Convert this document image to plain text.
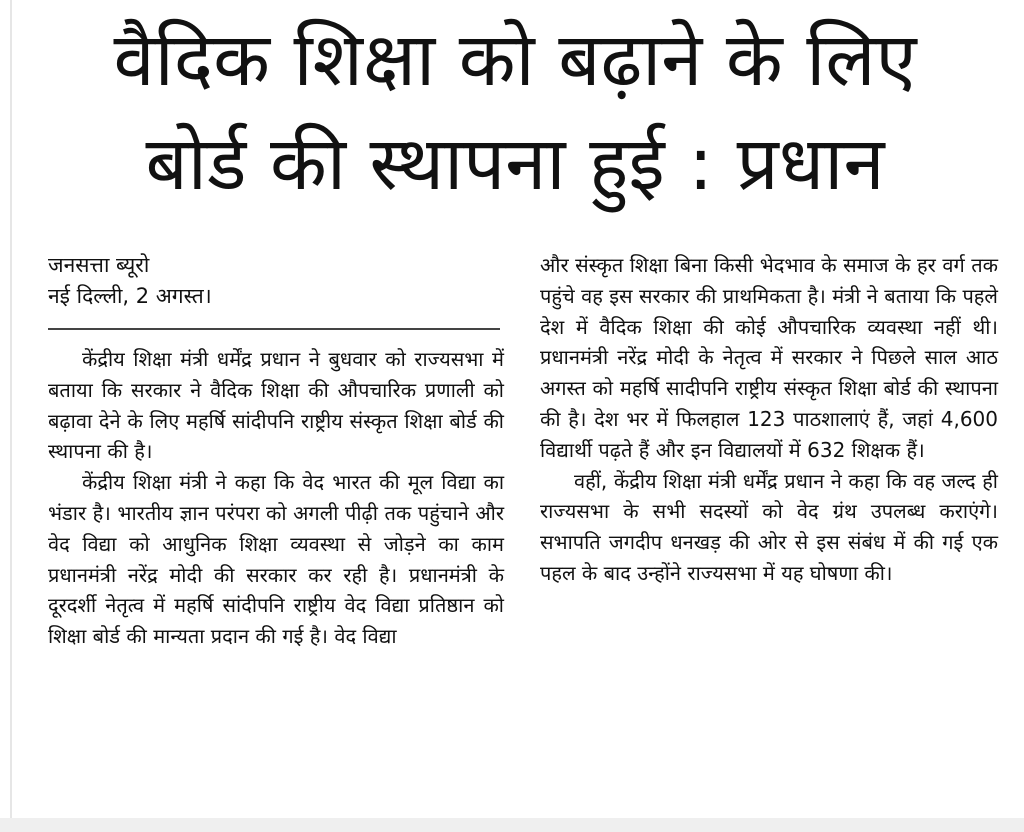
वैदिक शिक्षा को बढ़ाने के लिए
बोर्ड की स्थापना हुई : प्रधान
जनसत्ता ब्यूरो
नई दिल्ली, 2 अगस्त।

केंद्रीय शिक्षा मंत्री धर्मेंद्र प्रधान ने बुधवार को राज्यसभा में बताया कि सरकार ने वैदिक शिक्षा की औपचारिक प्रणाली को बढ़ावा देने के लिए महर्षि सांदीपनि राष्ट्रीय संस्कृत शिक्षा बोर्ड की स्थापना की है।

केंद्रीय शिक्षा मंत्री ने कहा कि वेद भारत की मूल विद्या का भंडार है। भारतीय ज्ञान परंपरा को अगली पीढ़ी तक पहुंचाने और वेद विद्या को आधुनिक शिक्षा व्यवस्था से जोड़ने का काम प्रधानमंत्री नरेंद्र मोदी की सरकार कर रही है। प्रधानमंत्री के दूरदर्शी नेतृत्व में महर्षि सांदीपनि राष्ट्रीय वेद विद्या प्रतिष्ठान को शिक्षा बोर्ड की मान्यता प्रदान की गई है। वेद विद्या

और संस्कृत शिक्षा बिना किसी भेदभाव के समाज के हर वर्ग तक पहुंचे वह इस सरकार की प्राथमिकता है। मंत्री ने बताया कि पहले देश में वैदिक शिक्षा की कोई औपचारिक व्यवस्था नहीं थी। प्रधानमंत्री नरेंद्र मोदी के नेतृत्व में सरकार ने पिछले साल आठ अगस्त को महर्षि सादीपनि राष्ट्रीय संस्कृत शिक्षा बोर्ड की स्थापना की है। देश भर में फिलहाल 123 पाठशालाएं हैं, जहां 4,600 विद्यार्थी पढ़ते हैं और इन विद्यालयों में 632 शिक्षक हैं।

वहीं, केंद्रीय शिक्षा मंत्री धर्मेंद्र प्रधान ने कहा कि वह जल्द ही राज्यसभा के सभी सदस्यों को वेद ग्रंथ उपलब्ध कराएंगे। सभापति जगदीप धनखड़ की ओर से इस संबंध में की गई एक पहल के बाद उन्होंने राज्यसभा में यह घोषणा की।
